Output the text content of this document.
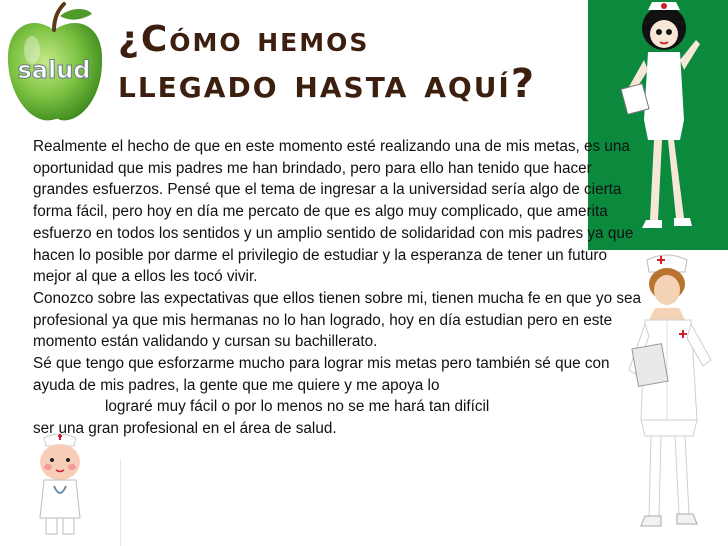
salud
¿Cómo hemos
llegado hasta aquí?

Realmente el hecho de que en este momento esté realizando una de mis metas, es una oportunidad que mis padres me han brindado, pero para ello han tenido que hacer grandes esfuerzos. Pensé que el tema de ingresar a la universidad sería algo de cierta forma fácil, pero hoy en día me percato de que es algo muy complicado, que amerita esfuerzo en todos los sentidos y un amplio sentido de solidaridad con mis padres ya que hacen lo posible por darme el privilegio de estudiar y la esperanza de tener un futuro mejor al que a ellos les tocó vivir.

Conozco sobre las expectativas que ellos tienen sobre mi, tienen mucha fe en que yo sea profesional ya que mis hermanas no lo han logrado, hoy en día estudian pero en este momento están validando y cursan su bachillerato.

Sé que tengo que esforzarme mucho para lograr mis metas pero también sé que con ayuda de mis padres, la gente que me quiere y me apoya lo

lograré muy fácil o por lo menos no se me hará tan difícil

ser una gran profesional en el área de salud.
